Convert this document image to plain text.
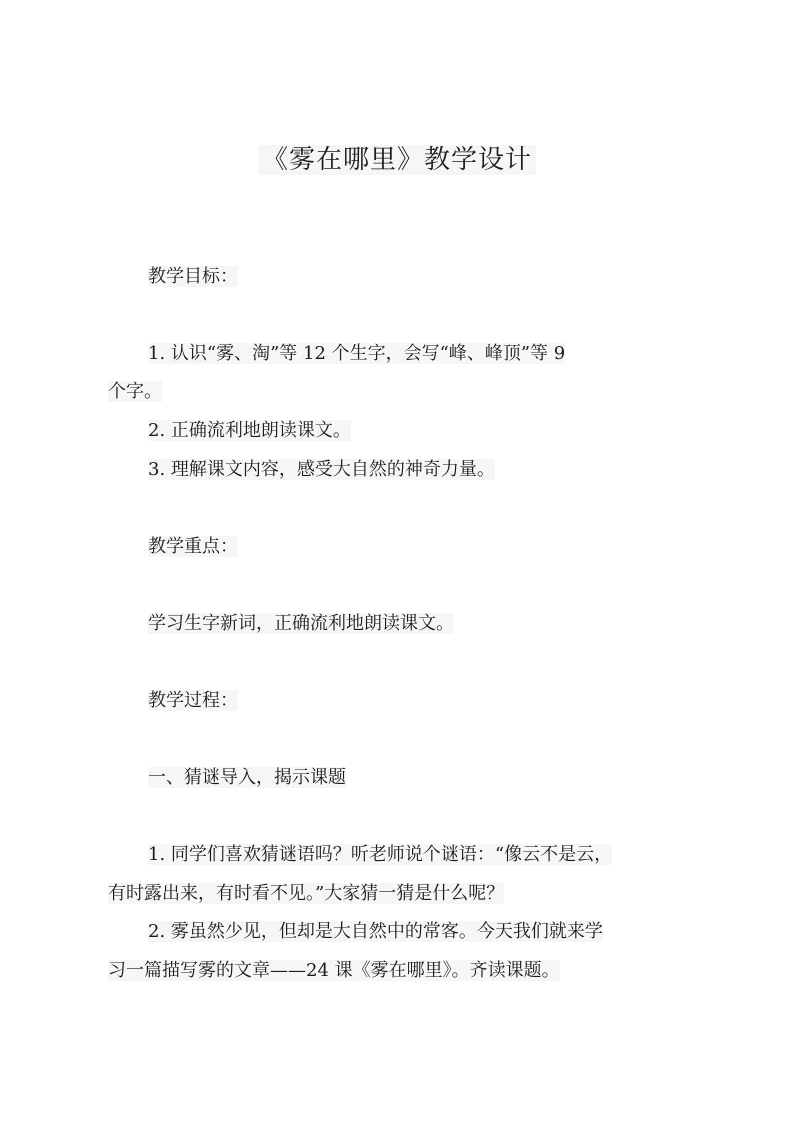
《雾在哪里》教学设计
教学目标：
1. 认识“雾、淘”等 12 个生字，会写“峰、峰顶”等 9
个字。
2. 正确流利地朗读课文。
3. 理解课文内容，感受大自然的神奇力量。
教学重点：
学习生字新词，正确流利地朗读课文。
教学过程：
一、猜谜导入，揭示课题
1. 同学们喜欢猜谜语吗？听老师说个谜语：“像云不是云，
有时露出来，有时看不见。”大家猜一猜是什么呢？
2. 雾虽然少见，但却是大自然中的常客。今天我们就来学
习一篇描写雾的文章——24 课《雾在哪里》。齐读课题。
